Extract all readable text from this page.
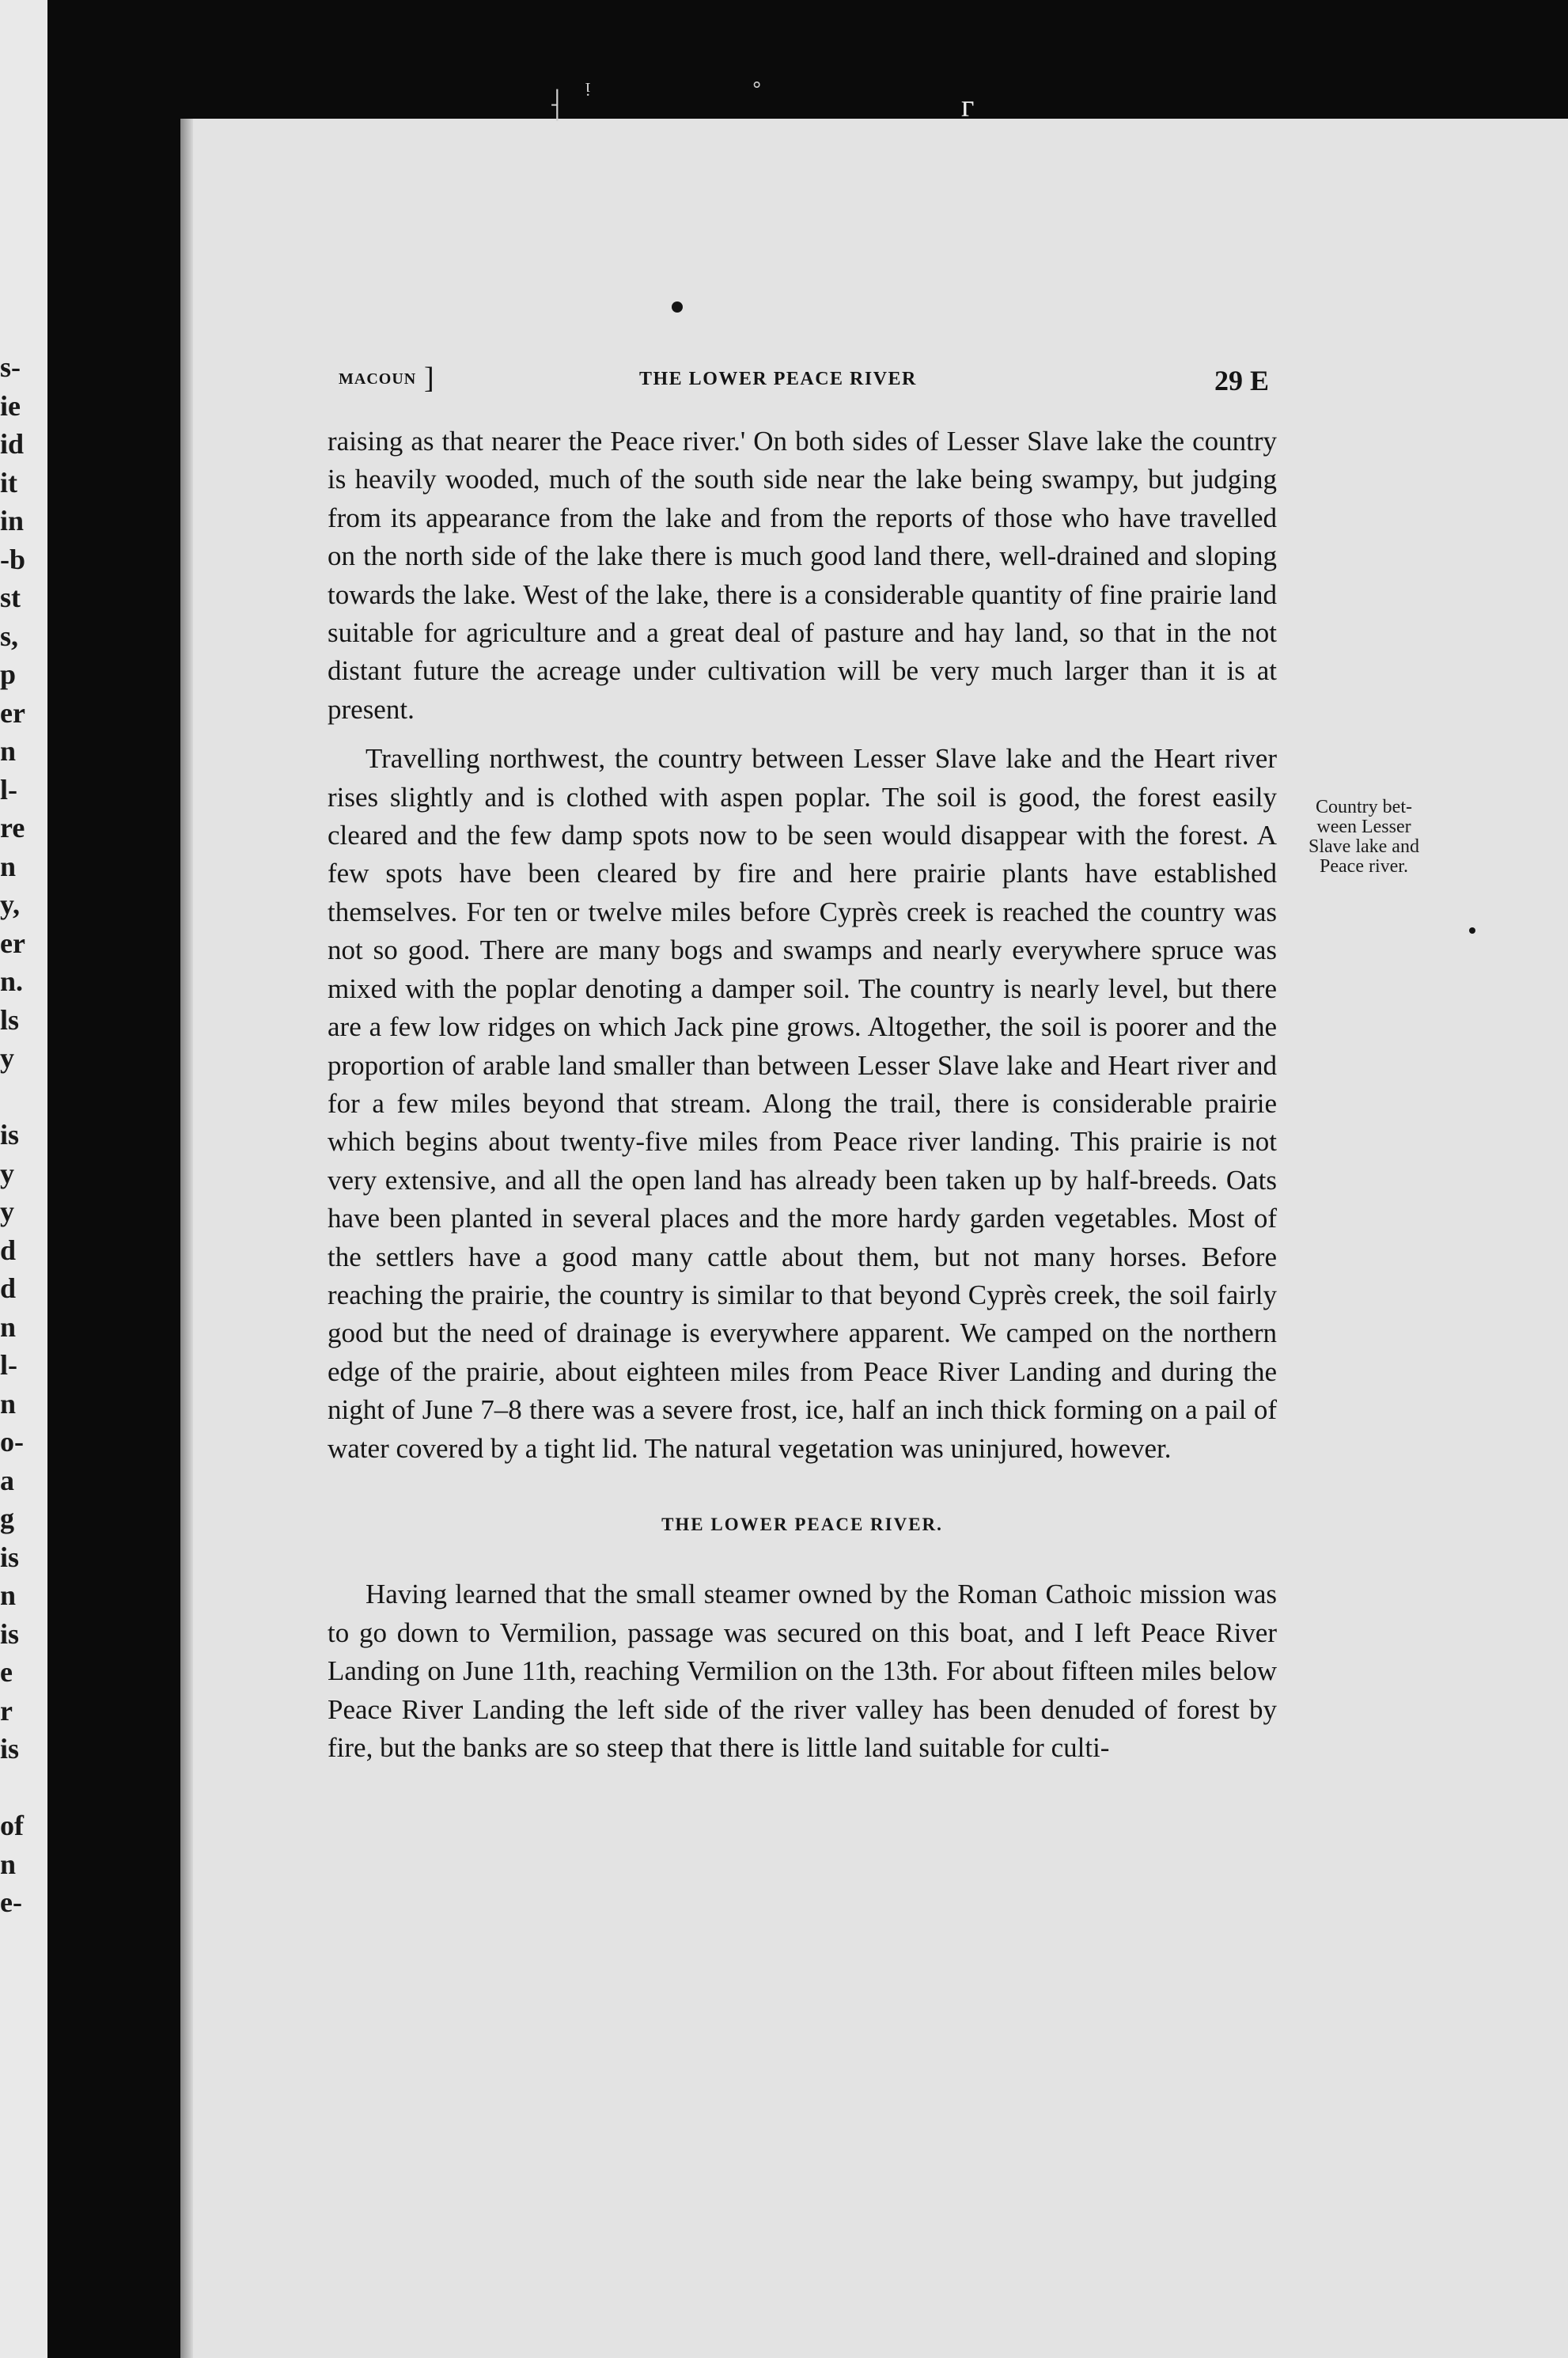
s-
ie
id
it
in
-b
st
s,
p
er
n
l-
re
n
y,
er
n.
ls
y
is
y
y
d
d
n
l-
n
o-
a
g
is
n
is
e
r
is
of
n
e-
⸡ ᵎ	˚	ᴦ
MACOUN ]	THE LOWER PEACE RIVER	29 E

raising as that nearer the Peace river.' On both sides of Lesser Slave lake the country is heavily wooded, much of the south side near the lake being swampy, but judging from its appearance from the lake and from the reports of those who have travelled on the north side of the lake there is much good land there, well-drained and sloping towards the lake. West of the lake, there is a considerable quantity of fine prairie land suitable for agriculture and a great deal of pasture and hay land, so that in the not distant future the acreage under cultivation will be very much larger than it is at present.

Travelling northwest, the country between Lesser Slave lake and the Heart river rises slightly and is clothed with aspen poplar. The soil is good, the forest easily cleared and the few damp spots now to be seen would disappear with the forest. A few spots have been cleared by fire and here prairie plants have established themselves. For ten or twelve miles before Cyprès creek is reached the country was not so good. There are many bogs and swamps and nearly everywhere spruce was mixed with the poplar denoting a damper soil. The country is nearly level, but there are a few low ridges on which Jack pine grows. Altogether, the soil is poorer and the proportion of arable land smaller than between Lesser Slave lake and Heart river and for a few miles beyond that stream. Along the trail, there is considerable prairie which begins about twenty-five miles from Peace river landing. This prairie is not very extensive, and all the open land has already been taken up by half-breeds. Oats have been planted in several places and the more hardy garden vegetables. Most of the settlers have a good many cattle about them, but not many horses. Before reaching the prairie, the country is similar to that beyond Cyprès creek, the soil fairly good but the need of drainage is everywhere apparent. We camped on the northern edge of the prairie, about eighteen miles from Peace River Landing and during the night of June 7–8 there was a severe frost, ice, half an inch thick forming on a pail of water covered by a tight lid. The natural vegetation was uninjured, however.

THE LOWER PEACE RIVER.

Having learned that the small steamer owned by the Roman Cathoic mission was to go down to Vermilion, passage was secured on this boat, and I left Peace River Landing on June 11th, reaching Vermilion on the 13th. For about fifteen miles below Peace River Landing the left side of the river valley has been denuded of forest by fire, but the banks are so steep that there is little land suitable for culti-

Country bet-
ween Lesser
Slave lake and
Peace river.
